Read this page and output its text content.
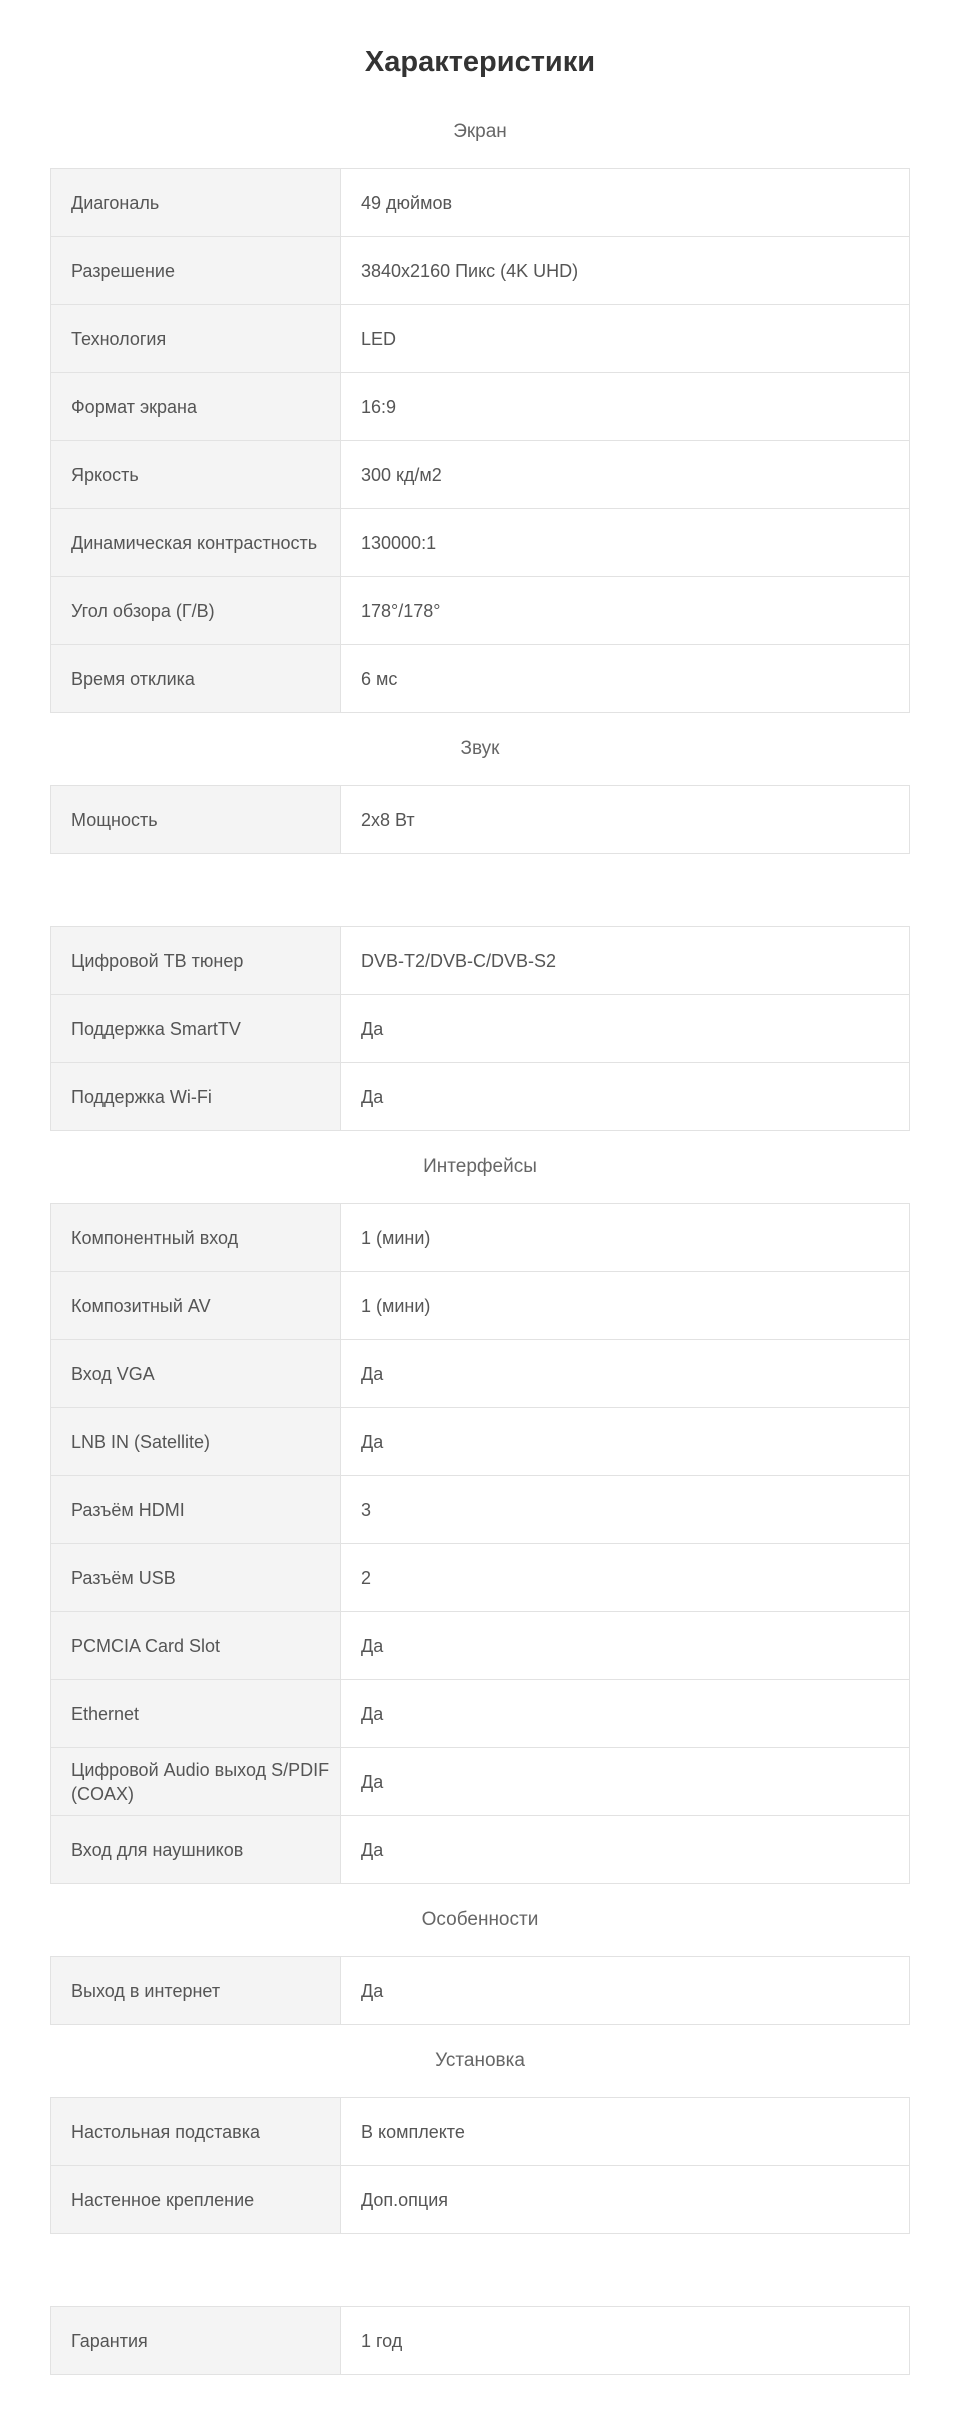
Характеристики
Экран
Диагональ	49 дюймов
Разрешение	3840x2160 Пикс (4K UHD)
Технология	LED
Формат экрана	16:9
Яркость	300 кд/м2
Динамическая контрастность	130000:1
Угол обзора (Г/В)	178°/178°
Время отклика	6 мс
Звук
Мощность	2x8 Вт
Цифровой ТВ тюнер	DVB-T2/DVB-C/DVB-S2
Поддержка SmartTV	Да
Поддержка Wi-Fi	Да
Интерфейсы
Компонентный вход	1 (мини)
Композитный AV	1 (мини)
Вход VGA	Да
LNB IN (Satellite)	Да
Разъём HDMI	3
Разъём USB	2
PCMCIA Card Slot	Да
Ethernet	Да
Цифровой Audio выход S/PDIF (COAX)	Да
Вход для наушников	Да
Особенности
Выход в интернет	Да
Установка
Настольная подставка	В комплекте
Настенное крепление	Доп.опция
Гарантия	1 год
